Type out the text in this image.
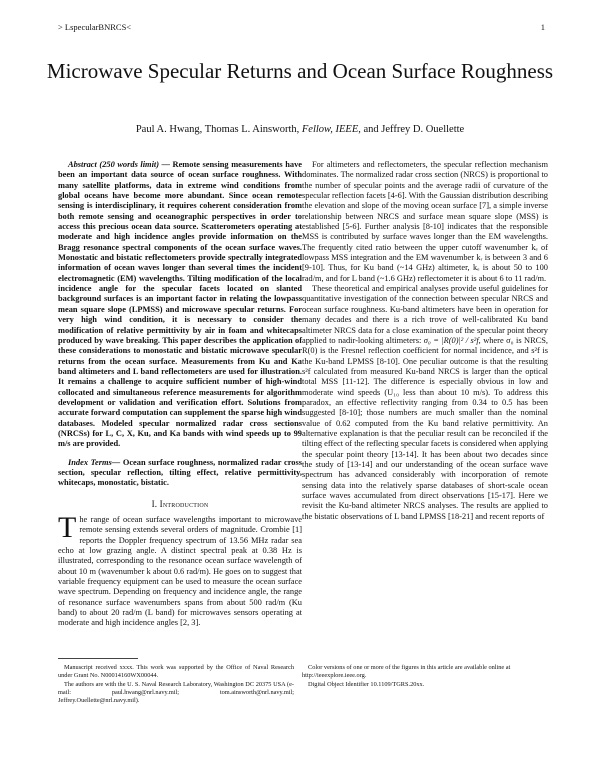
> LspecularBNRCS<	1
Microwave Specular Returns and Ocean Surface Roughness
Paul A. Hwang, Thomas L. Ainsworth, Fellow, IEEE, and Jeffrey D. Ouellette

Abstract (250 words limit) — Remote sensing measurements have been an important data source of ocean surface roughness. With many satellite platforms, data in extreme wind conditions from global oceans have become more abundant. Since ocean remote sensing is interdisciplinary, it requires coherent consideration from both remote sensing and oceanographic perspectives in order to access this precious ocean data source. Scatterometers operating at moderate and high incidence angles provide information on the Bragg resonance spectral components of the ocean surface waves. Monostatic and bistatic reflectometers provide spectrally integrated information of ocean waves longer than several times the incident electromagnetic (EM) wavelengths. Tilting modification of the local incidence angle for the specular facets located on slanted background surfaces is an important factor in relating the lowpass mean square slope (LPMSS) and microwave specular returns. For very high wind condition, it is necessary to consider the modification of relative permittivity by air in foam and whitecaps produced by wave breaking. This paper describes the application of these considerations to monostatic and bistatic microwave specular returns from the ocean surface. Measurements from Ku and Ka band altimeters and L band reflectometers are used for illustration. It remains a challenge to acquire sufficient number of high-wind collocated and simultaneous reference measurements for algorithm development or validation and verification effort. Solutions from accurate forward computation can supplement the sparse high wind databases. Modeled specular normalized radar cross sections (NRCSs) for L, C, X, Ku, and Ka bands with wind speeds up to 99 m/s are provided.

Index Terms— Ocean surface roughness, normalized radar cross section, specular reflection, tilting effect, relative permittivity, whitecaps, monostatic, bistatic.

I. Introduction

The range of ocean surface wavelengths important to microwave remote sensing extends several orders of magnitude. Crombie [1] reports the Doppler frequency spectrum of 13.56 MHz radar sea echo at low grazing angle. A distinct spectral peak at 0.38 Hz is illustrated, corresponding to the resonance ocean surface wavelength of about 10 m (wavenumber k about 0.6 rad/m). He goes on to suggest that variable frequency equipment can be used to measure the ocean surface wave spectrum. Depending on frequency and incidence angle, the range of resonance surface wavenumbers spans from about 500 rad/m (Ku band) to about 20 rad/m (L band) for microwaves sensors operating at moderate and high incidence angles [2, 3].

For altimeters and reflectometers, the specular reflection mechanism dominates. The normalized radar cross section (NRCS) is proportional to the number of specular points and the average radii of curvature of the specular reflection facets [4-6]. With the Gaussian distribution describing the elevation and slope of the moving ocean surface [7], a simple inverse relationship between NRCS and surface mean square slope (MSS) is established [5-6]. Further analysis [8-10] indicates that the responsible MSS is contributed by surface waves longer than the EM wavelengths. The frequently cited ratio between the upper cutoff wavenumber kₑ of lowpass MSS integration and the EM wavenumber kᵣ is between 3 and 6 [9-10]. Thus, for Ku band (~14 GHz) altimeter, kₑ is about 50 to 100 rad/m, and for L band (~1.6 GHz) reflectometer it is about 6 to 11 rad/m.

These theoretical and empirical analyses provide useful guidelines for quantitative investigation of the connection between specular NRCS and ocean surface roughness. Ku-band altimeters have been in operation for many decades and there is a rich trove of well-calibrated Ku band altimeter NRCS data for a close examination of the specular point theory applied to nadir-looking altimeters: σ₀ = |R(0)|² / s²f, where σ₀ is NRCS, R(0) is the Fresnel reflection coefficient for normal incidence, and s²f is the Ku-band LPMSS [8-10]. One peculiar outcome is that the resulting s²f calculated from measured Ku-band NRCS is larger than the optical total MSS [11-12]. The difference is especially obvious in low and moderate wind speeds (U₁₀ less than about 10 m/s). To address this paradox, an effective reflectivity ranging from 0.34 to 0.5 has been suggested [8-10]; those numbers are much smaller than the nominal value of 0.62 computed from the Ku band relative permittivity. An alternative explanation is that the peculiar result can be reconciled if the tilting effect of the reflecting specular facets is considered when applying the specular point theory [13-14]. It has been about two decades since the study of [13-14] and our understanding of the ocean surface wave spectrum has advanced considerably with incorporation of remote sensing data into the relatively sparse databases of short-scale ocean surface waves accumulated from direct observations [15-17]. Here we revisit the Ku-band altimeter NRCS analyses. The results are applied to the bistatic observations of L band LPMSS [18-21] and recent reports of

Manuscript received xxxx. This work was supported by the Office of Naval Research under Grant No. N00014160WX00044.

The authors are with the U. S. Naval Research Laboratory, Washington DC 20375 USA (e-mail: paul.hwang@nrl.navy.mil; tom.ainsworth@nrl.navy.mil; Jeffrey.Ouellette@nrl.navy.mil).

Color versions of one or more of the figures in this article are available online at http://ieeexplore.ieee.org.

Digital Object Identifier 10.1109/TGRS.20xx.
